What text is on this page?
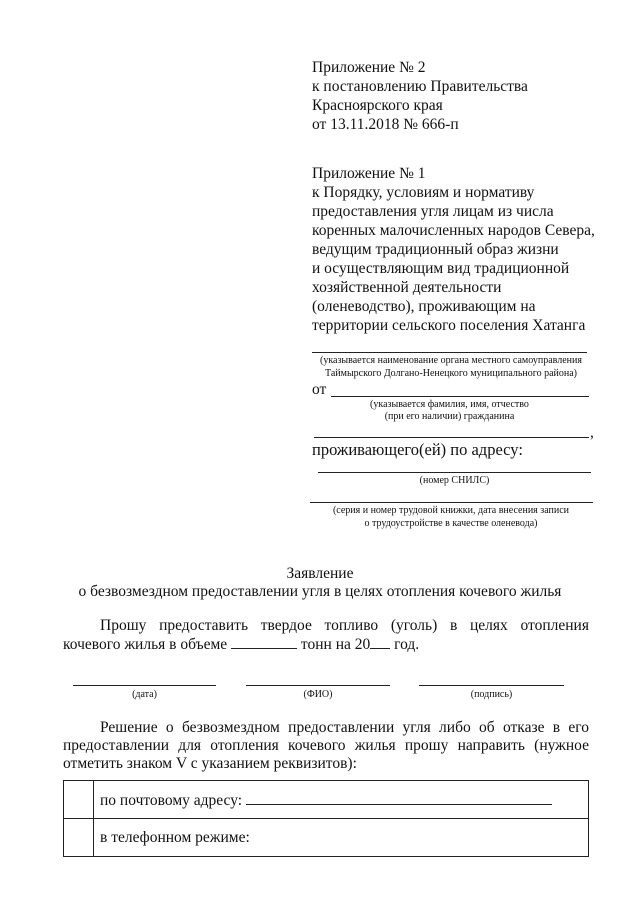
Приложение № 2
к постановлению Правительства
Красноярского края
от 13.11.2018 № 666-п
Приложение № 1
к Порядку, условиям и нормативу
предоставления угля лицам из числа
коренных малочисленных народов Севера,
ведущим традиционный образ жизни
и осуществляющим вид традиционной
хозяйственной деятельности
(оленеводство), проживающим на
территории сельского поселения Хатанга
(указывается наименование органа местного самоуправления
Таймырского Долгано-Ненецкого муниципального района)
от
(указывается фамилия, имя, отчество
(при его наличии) гражданина
,
проживающего(ей) по адресу:
(номер СНИЛС)
(серия и номер трудовой книжки, дата внесения записи
о трудоустройстве в качестве оленевода)
Заявление
о безвозмездном предоставлении угля в целях отопления кочевого жилья
Прошу предоставить твердое топливо (уголь) в целях отопления
кочевого жилья в объеме	тонн на 20 год.
(дата)	(ФИО)	(подпись)
Решение о безвозмездном предоставлении угля либо об отказе в его
предоставлении для отопления кочевого жилья прошу направить (нужное
отметить знаком V с указанием реквизитов):
	по почтовому адресу:
	в телефонном режиме:
